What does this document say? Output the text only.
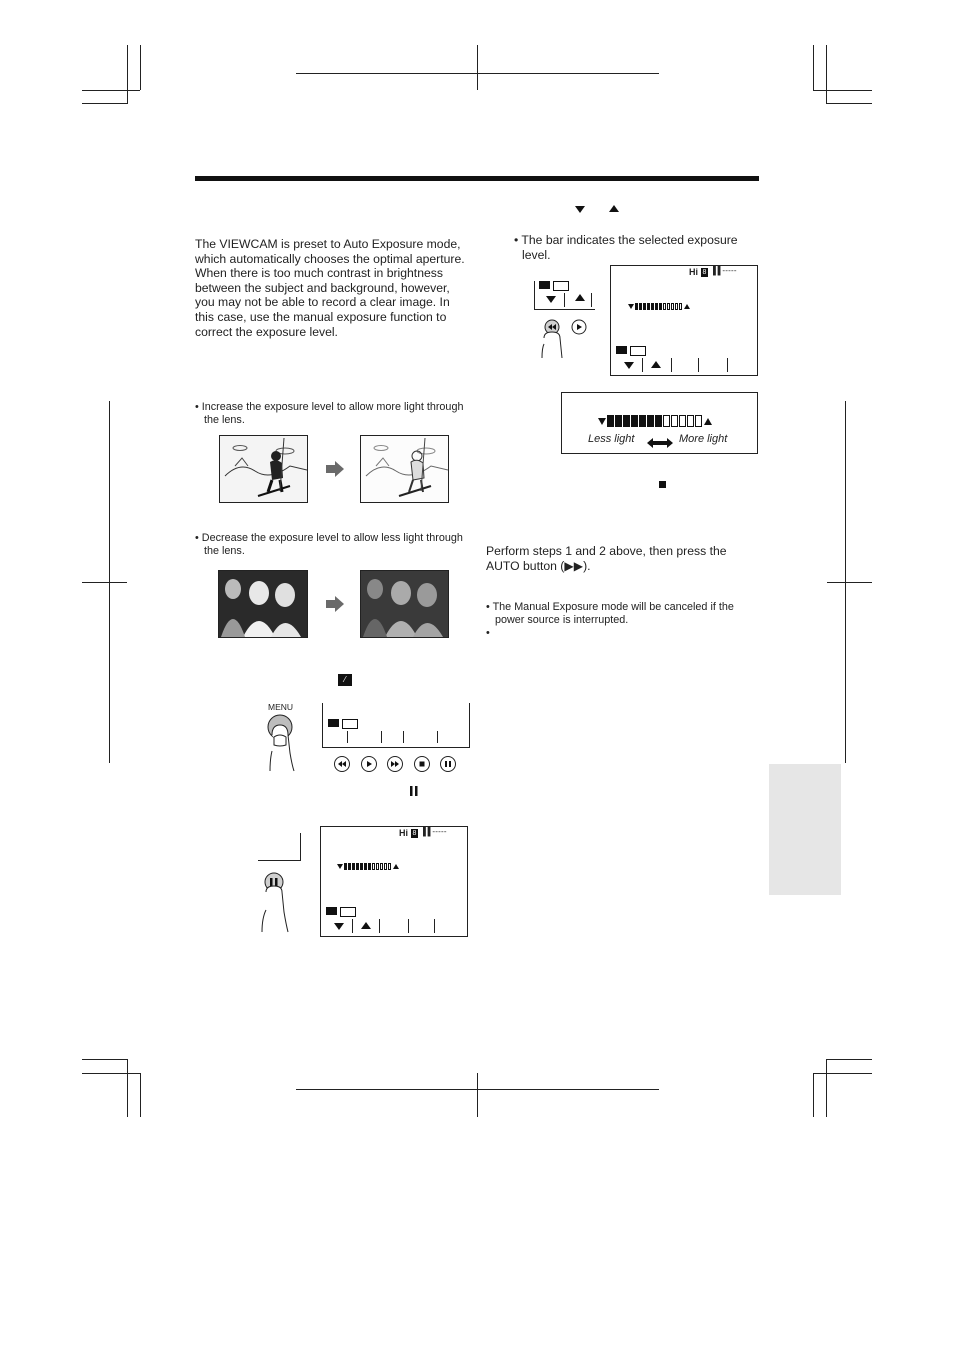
The VIEWCAM is preset to Auto Exposure mode, which automatically chooses the optimal aperture. When there is too much contrast in brightness between the subject and background, however, you may not be able to record a clear image. In this case, use the manual exposure function to correct the exposure level.
• Increase the exposure level to allow more light through the lens.
• Decrease the exposure level to allow less light through the lens.
⁄
MENU
Hi 8 ▌▌- - - - -
• The bar indicates the selected exposure level.
Hi 8 ▌▌- - - - -
Less light	More light
Perform steps 1 and 2 above, then press the AUTO button (▶▶).
• The Manual Exposure mode will be canceled if the power source is interrupted.
•
